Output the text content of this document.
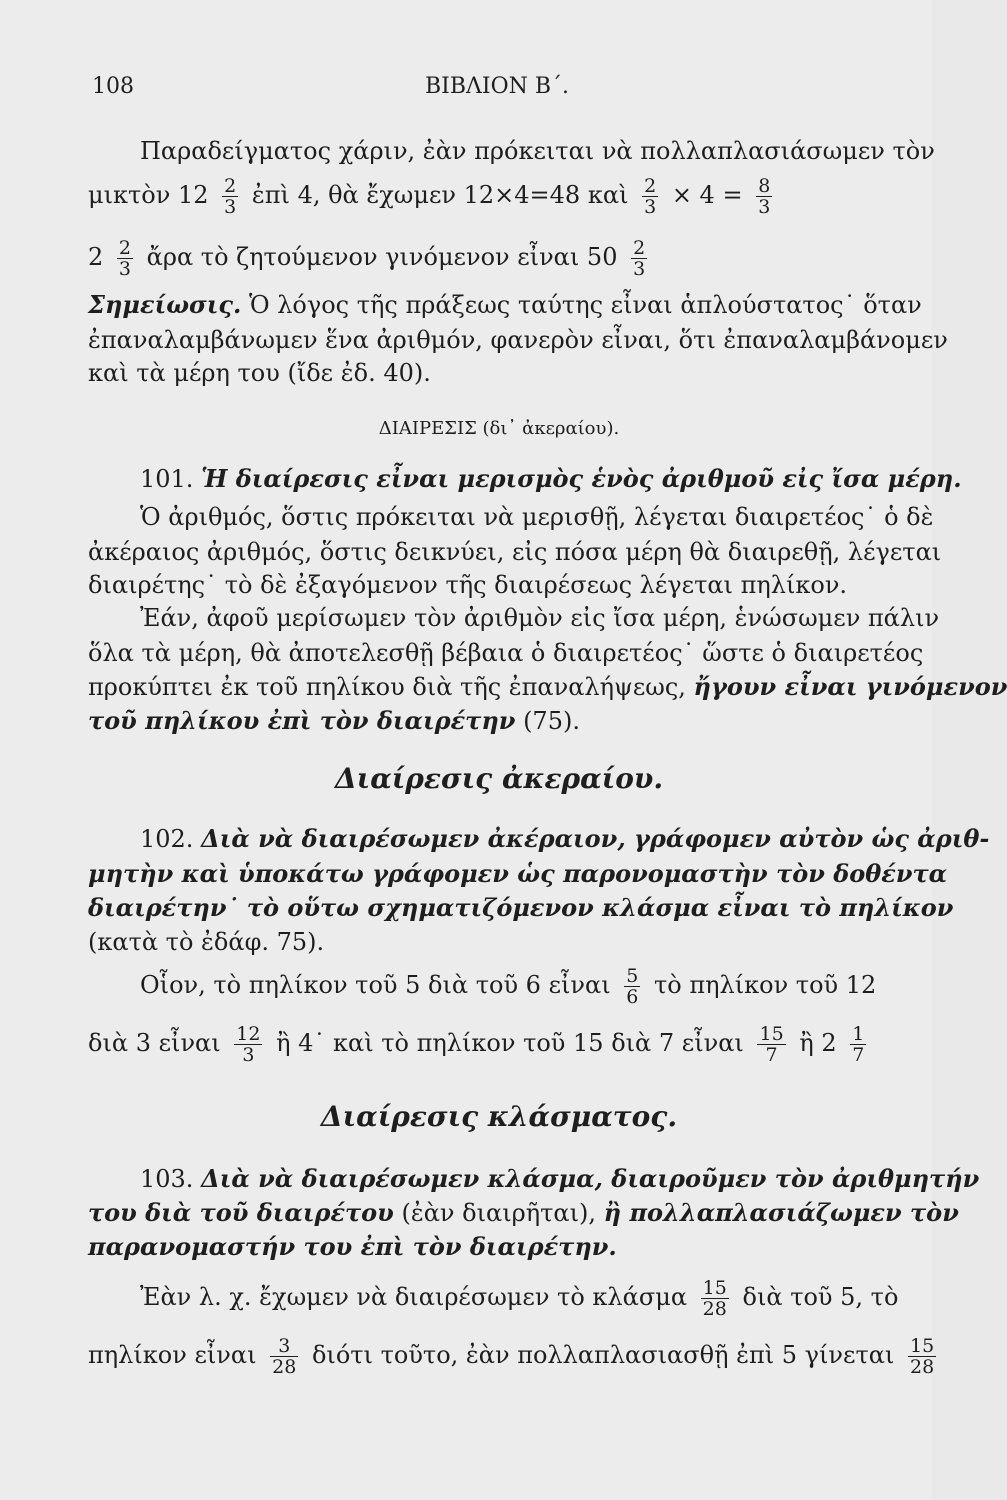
108	ΒΙΒΛΙΟΝ Β΄.
Παραδείγματος χάριν, ἐὰν πρόκειται νὰ πολλαπλασιάσωμεν τὸν
μικτὸν $12 \frac{2}{3}$ ἐπὶ 4, θὰ ἔχωμεν 12×4=48 καὶ $\frac{2}{3} \times 4 = \frac{8}{3}$
$2 \frac{2}{3}$ ἄρα τὸ ζητούμενον γινόμενον εἶναι $50 \frac{2}{3}$
Σημείωσις. Ὁ λόγος τῆς πράξεως ταύτης εἶναι ἁπλούστατος˙ ὅταν
ἐπαναλαμβάνωμεν ἕνα ἀριθμόν, φανερὸν εἶναι, ὅτι ἐπαναλαμβάνομεν
καὶ τὰ μέρη του (ἴδε ἐδ. 40).
ΔΙΑΙΡΕΣΙΣ (δι᾽ ἀκεραίου).
101. Ἡ διαίρεσις εἶναι μερισμὸς ἑνὸς ἀριθμοῦ εἰς ἴσα μέρη.
Ὁ ἀριθμός, ὅστις πρόκειται νὰ μερισθῇ, λέγεται διαιρετέος˙ ὁ δὲ
ἀκέραιος ἀριθμός, ὅστις δεικνύει, εἰς πόσα μέρη θὰ διαιρεθῇ, λέγεται
διαιρέτης˙ τὸ δὲ ἐξαγόμενον τῆς διαιρέσεως λέγεται πηλίκον.
Ἐάν, ἀφοῦ μερίσωμεν τὸν ἀριθμὸν εἰς ἴσα μέρη, ἑνώσωμεν πάλιν
ὅλα τὰ μέρη, θὰ ἀποτελεσθῇ βέβαια ὁ διαιρετέος˙ ὥστε ὁ διαιρετέος
προκύπτει ἐκ τοῦ πηλίκου διὰ τῆς ἐπαναλήψεως, ἤγουν εἶναι γινόμενον
τοῦ πηλίκου ἐπὶ τὸν διαιρέτην (75).
Διαίρεσις ἀκεραίου.
102. Διὰ νὰ διαιρέσωμεν ἀκέραιον, γράφομεν αὐτὸν ὡς ἀριθ-
μητὴν καὶ ὑποκάτω γράφομεν ὡς παρονομαστὴν τὸν δοθέντα
διαιρέτην˙ τὸ οὕτω σχηματιζόμενον κλάσμα εἶναι τὸ πηλίκον
(κατὰ τὸ ἐδάφ. 75).
Οἷον, τὸ πηλίκον τοῦ 5 διὰ τοῦ 6 εἶναι $\frac{5}{6}$ τὸ πηλίκον τοῦ 12
διὰ 3 εἶναι $\frac{12}{3}$ ἢ 4˙ καὶ τὸ πηλίκον τοῦ 15 διὰ 7 εἶναι $\frac{15}{7}$ ἢ $2 \frac{1}{7}$
Διαίρεσις κλάσματος.
103. Διὰ νὰ διαιρέσωμεν κλάσμα, διαιροῦμεν τὸν ἀριθμητήν
του διὰ τοῦ διαιρέτου (ἐὰν διαιρῆται), ἢ πολλαπλασιάζωμεν τὸν
παρανομαστήν του ἐπὶ τὸν διαιρέτην.
Ἐὰν λ. χ. ἔχωμεν νὰ διαιρέσωμεν τὸ κλάσμα $\frac{15}{28}$ διὰ τοῦ 5, τὸ
πηλίκον εἶναι $\frac{3}{28}$ διότι τοῦτο, ἐὰν πολλαπλασιασθῇ ἐπὶ 5 γίνεται $\frac{15}{28}$
